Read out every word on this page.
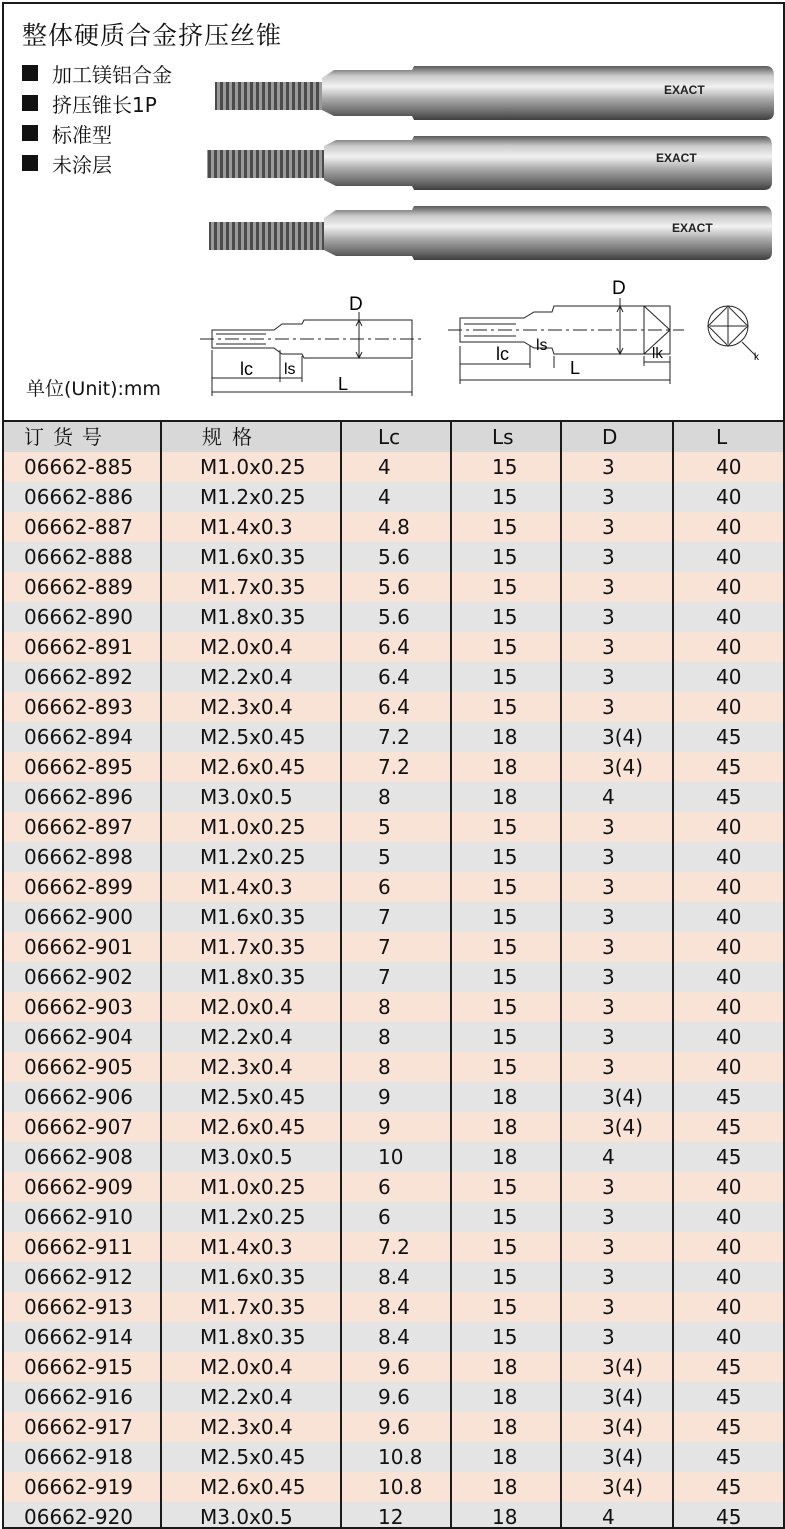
整体硬质合金挤压丝锥
加工镁铝合金
挤压锥长1P
标准型
未涂层
EXACT
EXACT
EXACT
D
lc ls
L
D
lc ls
L
lk	k
单位(Unit):mm
订货号	规格	Lc	Ls	D	L
06662-885	M1.0x0.25	4	15	3	40
06662-886	M1.2x0.25	4	15	3	40
06662-887	M1.4x0.3	4.8	15	3	40
06662-888	M1.6x0.35	5.6	15	3	40
06662-889	M1.7x0.35	5.6	15	3	40
06662-890	M1.8x0.35	5.6	15	3	40
06662-891	M2.0x0.4	6.4	15	3	40
06662-892	M2.2x0.4	6.4	15	3	40
06662-893	M2.3x0.4	6.4	15	3	40
06662-894	M2.5x0.45	7.2	18	3(4)	45
06662-895	M2.6x0.45	7.2	18	3(4)	45
06662-896	M3.0x0.5	8	18	4	45
06662-897	M1.0x0.25	5	15	3	40
06662-898	M1.2x0.25	5	15	3	40
06662-899	M1.4x0.3	6	15	3	40
06662-900	M1.6x0.35	7	15	3	40
06662-901	M1.7x0.35	7	15	3	40
06662-902	M1.8x0.35	7	15	3	40
06662-903	M2.0x0.4	8	15	3	40
06662-904	M2.2x0.4	8	15	3	40
06662-905	M2.3x0.4	8	15	3	40
06662-906	M2.5x0.45	9	18	3(4)	45
06662-907	M2.6x0.45	9	18	3(4)	45
06662-908	M3.0x0.5	10	18	4	45
06662-909	M1.0x0.25	6	15	3	40
06662-910	M1.2x0.25	6	15	3	40
06662-911	M1.4x0.3	7.2	15	3	40
06662-912	M1.6x0.35	8.4	15	3	40
06662-913	M1.7x0.35	8.4	15	3	40
06662-914	M1.8x0.35	8.4	15	3	40
06662-915	M2.0x0.4	9.6	18	3(4)	45
06662-916	M2.2x0.4	9.6	18	3(4)	45
06662-917	M2.3x0.4	9.6	18	3(4)	45
06662-918	M2.5x0.45	10.8	18	3(4)	45
06662-919	M2.6x0.45	10.8	18	3(4)	45
06662-920	M3.0x0.5	12	18	4	45
